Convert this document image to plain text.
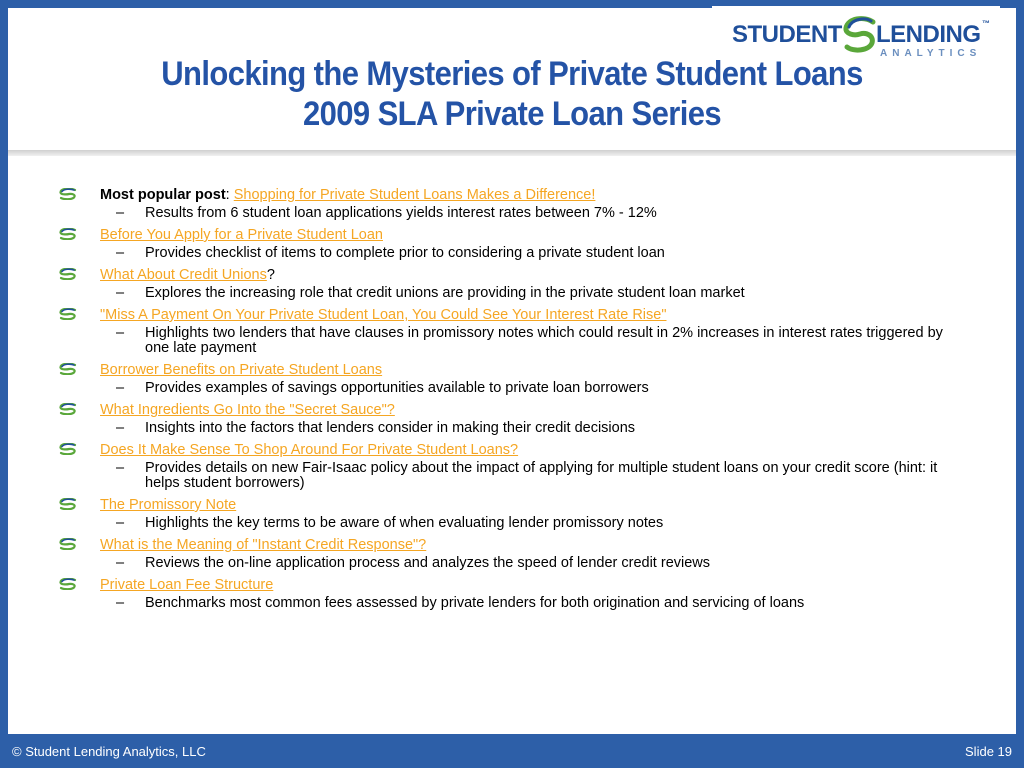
STUDENT LENDING ™
ANALYTICS
Unlocking the Mysteries of Private Student Loans
2009 SLA Private Loan Series
Most popular post: Shopping for Private Student Loans Makes a Difference!
– Results from 6 student loan applications yields interest rates between 7% - 12%
Before You Apply for a Private Student Loan
– Provides checklist of items to complete prior to considering a private student loan
What About Credit Unions?
– Explores the increasing role that credit unions are providing in the private student loan market
"Miss A Payment On Your Private Student Loan, You Could See Your Interest Rate Rise"
– Highlights two lenders that have clauses in promissory notes which could result in 2% increases in interest rates triggered by one late payment
Borrower Benefits on Private Student Loans
– Provides examples of savings opportunities available to private loan borrowers
What Ingredients Go Into the "Secret Sauce"?
– Insights into the factors that lenders consider in making their credit decisions
Does It Make Sense To Shop Around For Private Student Loans?
– Provides details on new Fair-Isaac policy about the impact of applying for multiple student loans on your credit score (hint: it helps student borrowers)
The Promissory Note
– Highlights the key terms to be aware of when evaluating lender promissory notes
What is the Meaning of "Instant Credit Response"?
– Reviews the on-line application process and analyzes the speed of lender credit reviews
Private Loan Fee Structure
– Benchmarks most common fees assessed by private lenders for both origination and servicing of loans
© Student Lending Analytics, LLC	Slide 19
